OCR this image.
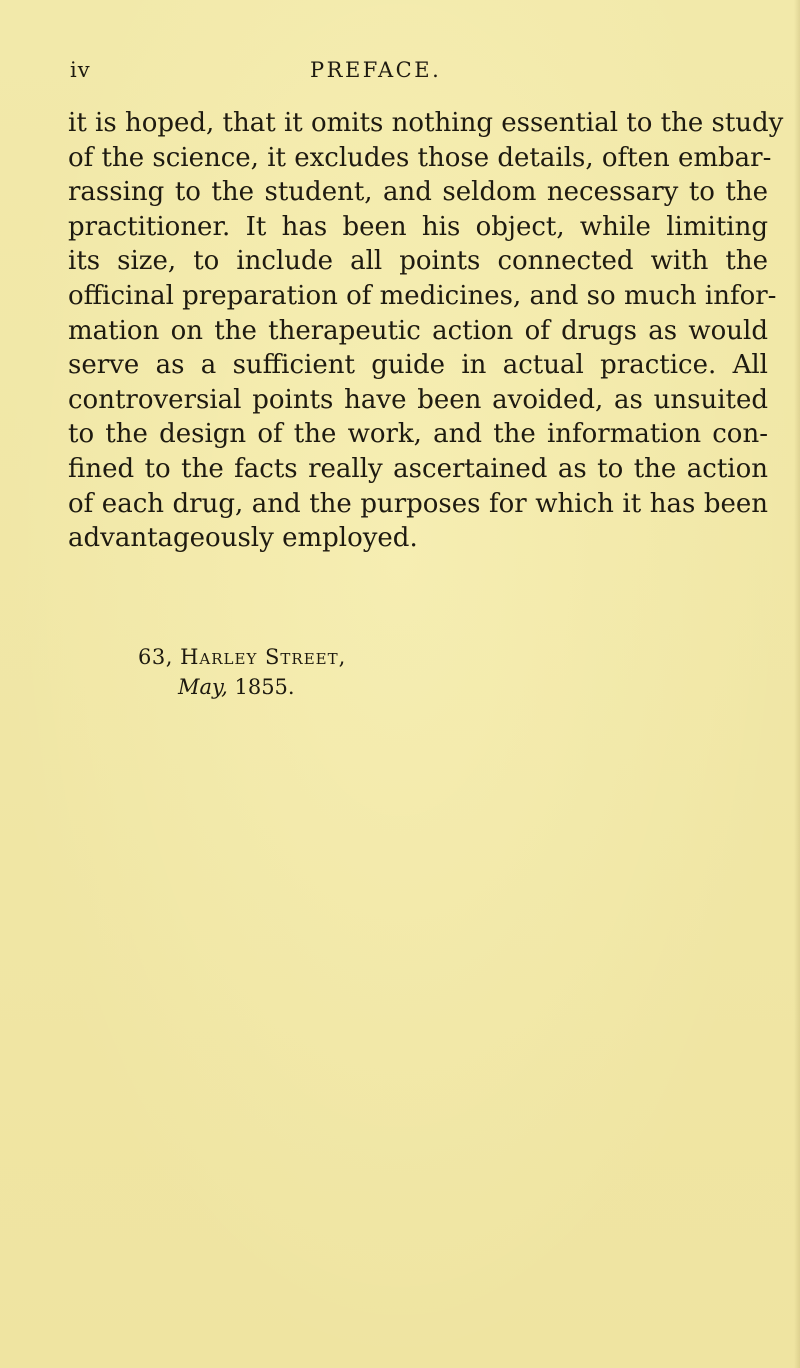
iv	PREFACE.
it is hoped, that it omits nothing essential to the study
of the science, it excludes those details, often embar-
rassing to the student, and seldom necessary to the
practitioner. It has been his object, while limiting
its size, to include all points connected with the
officinal preparation of medicines, and so much infor-
mation on the therapeutic action of drugs as would
serve as a sufficient guide in actual practice. All
controversial points have been avoided, as unsuited
to the design of the work, and the information con-
fined to the facts really ascertained as to the action
of each drug, and the purposes for which it has been
advantageously employed.
63, Harley Street,
May, 1855.
